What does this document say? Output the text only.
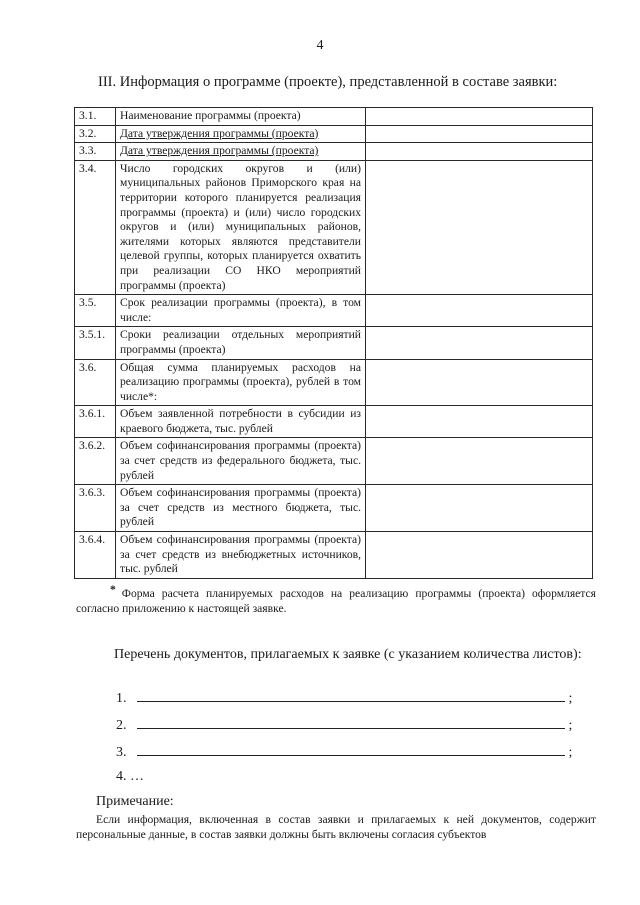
4
III. Информация о программе (проекте), представленной в составе заявки:
3.1.	Наименование программы (проекта)	
3.2.	Дата утверждения программы (проекта)	
3.3.	Дата утверждения программы (проекта)	
3.4.	Число городских округов и (или) муниципальных районов Приморского края на территории которого планируется реализация программы (проекта) и (или) число городских округов и (или) муниципальных районов, жителями которых являются представители целевой группы, которых планируется охватить при реализации СО НКО мероприятий программы (проекта)	
3.5.	Срок реализации программы (проекта), в том числе:	
3.5.1.	Сроки реализации отдельных мероприятий программы (проекта)	
3.6.	Общая сумма планируемых расходов на реализацию программы (проекта), рублей в том числе*:	
3.6.1.	Объем заявленной потребности в субсидии из краевого бюджета, тыс. рублей	
3.6.2.	Объем софинансирования программы (проекта) за счет средств из федерального бюджета, тыс. рублей	
3.6.3.	Объем софинансирования программы (проекта) за счет средств из местного бюджета, тыс. рублей	
3.6.4.	Объем софинансирования программы (проекта) за счет средств из внебюджетных источников, тыс. рублей	
* Форма расчета планируемых расходов на реализацию программы (проекта) оформляется согласно приложению к настоящей заявке.
Перечень документов, прилагаемых к заявке (с указанием количества листов):
1.	;
2.	;
3.	;
4. …
Примечание:
Если информация, включенная в состав заявки и прилагаемых к ней документов, содержит персональные данные, в состав заявки должны быть включены согласия субъектов
